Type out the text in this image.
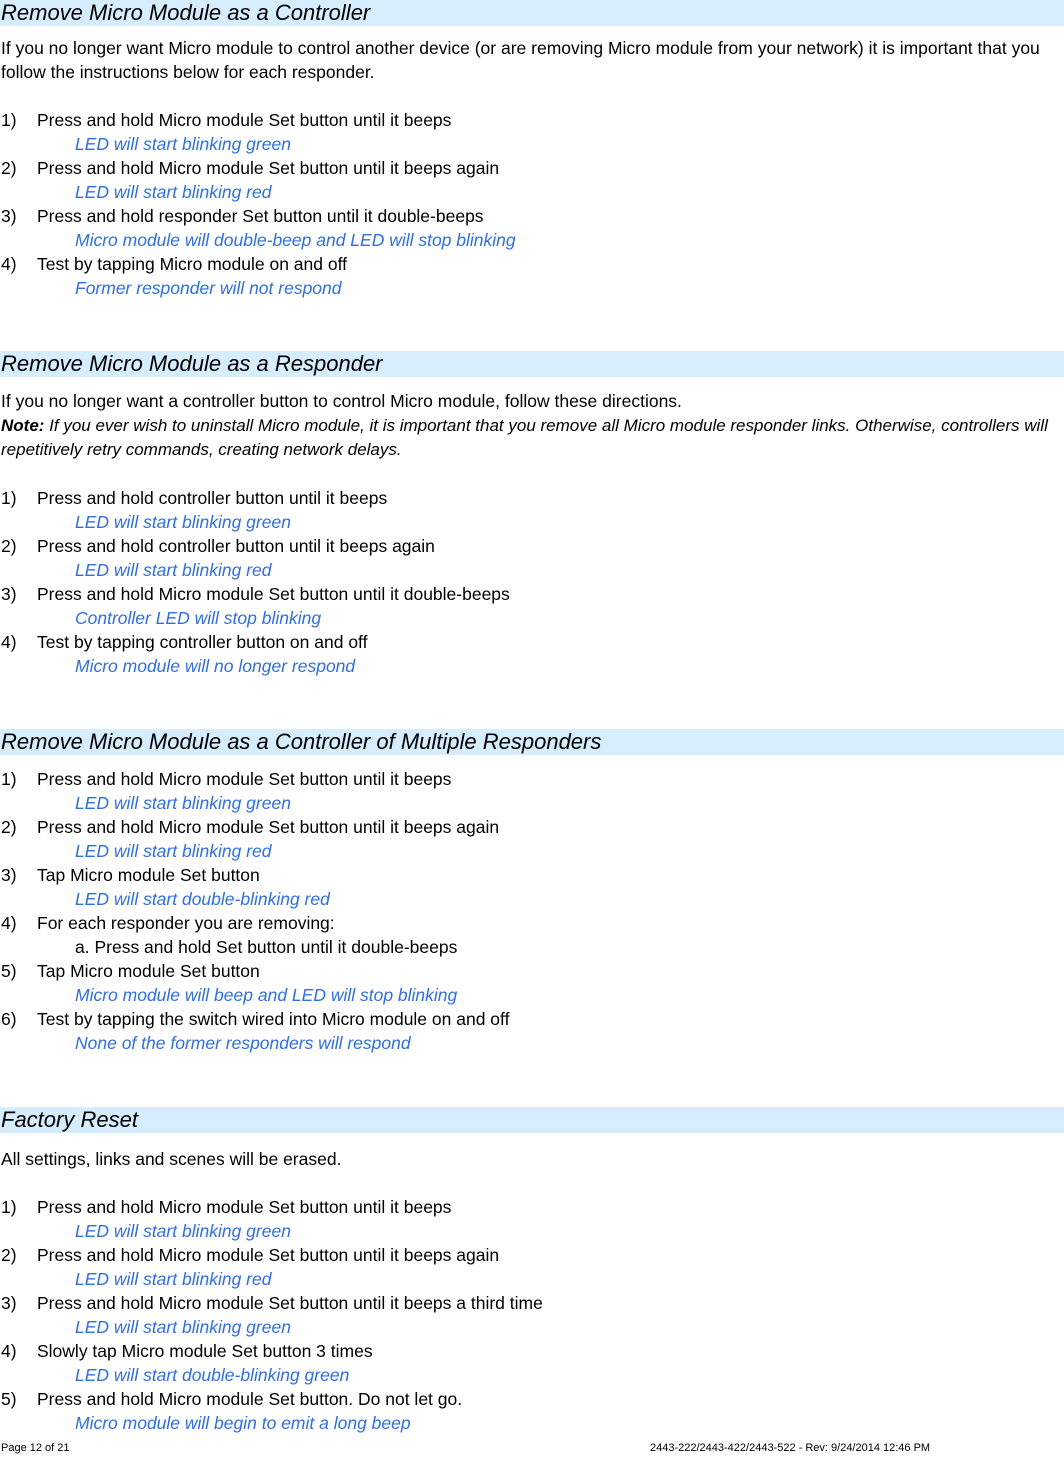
Remove Micro Module as a Controller
If you no longer want Micro module to control another device (or are removing Micro module from your network) it is important that you follow the instructions below for each responder.
1) Press and hold Micro module Set button until it beeps
LED will start blinking green
2) Press and hold Micro module Set button until it beeps again
LED will start blinking red
3) Press and hold responder Set button until it double-beeps
Micro module will double-beep and LED will stop blinking
4) Test by tapping Micro module on and off
Former responder will not respond
Remove Micro Module as a Responder
If you no longer want a controller button to control Micro module, follow these directions.
Note: If you ever wish to uninstall Micro module, it is important that you remove all Micro module responder links. Otherwise, controllers will repetitively retry commands, creating network delays.
1) Press and hold controller button until it beeps
LED will start blinking green
2) Press and hold controller button until it beeps again
LED will start blinking red
3) Press and hold Micro module Set button until it double-beeps
Controller LED will stop blinking
4) Test by tapping controller button on and off
Micro module will no longer respond
Remove Micro Module as a Controller of Multiple Responders
1) Press and hold Micro module Set button until it beeps
LED will start blinking green
2) Press and hold Micro module Set button until it beeps again
LED will start blinking red
3) Tap Micro module Set button
LED will start double-blinking red
4) For each responder you are removing:
a. Press and hold Set button until it double-beeps
5) Tap Micro module Set button
Micro module will beep and LED will stop blinking
6) Test by tapping the switch wired into Micro module on and off
None of the former responders will respond
Factory Reset
All settings, links and scenes will be erased.
1) Press and hold Micro module Set button until it beeps
LED will start blinking green
2) Press and hold Micro module Set button until it beeps again
LED will start blinking red
3) Press and hold Micro module Set button until it beeps a third time
LED will start blinking green
4) Slowly tap Micro module Set button 3 times
LED will start double-blinking green
5) Press and hold Micro module Set button. Do not let go.
Micro module will begin to emit a long beep
Page 12 of 21	2443-222/2443-422/2443-522 - Rev: 9/24/2014 12:46 PM
